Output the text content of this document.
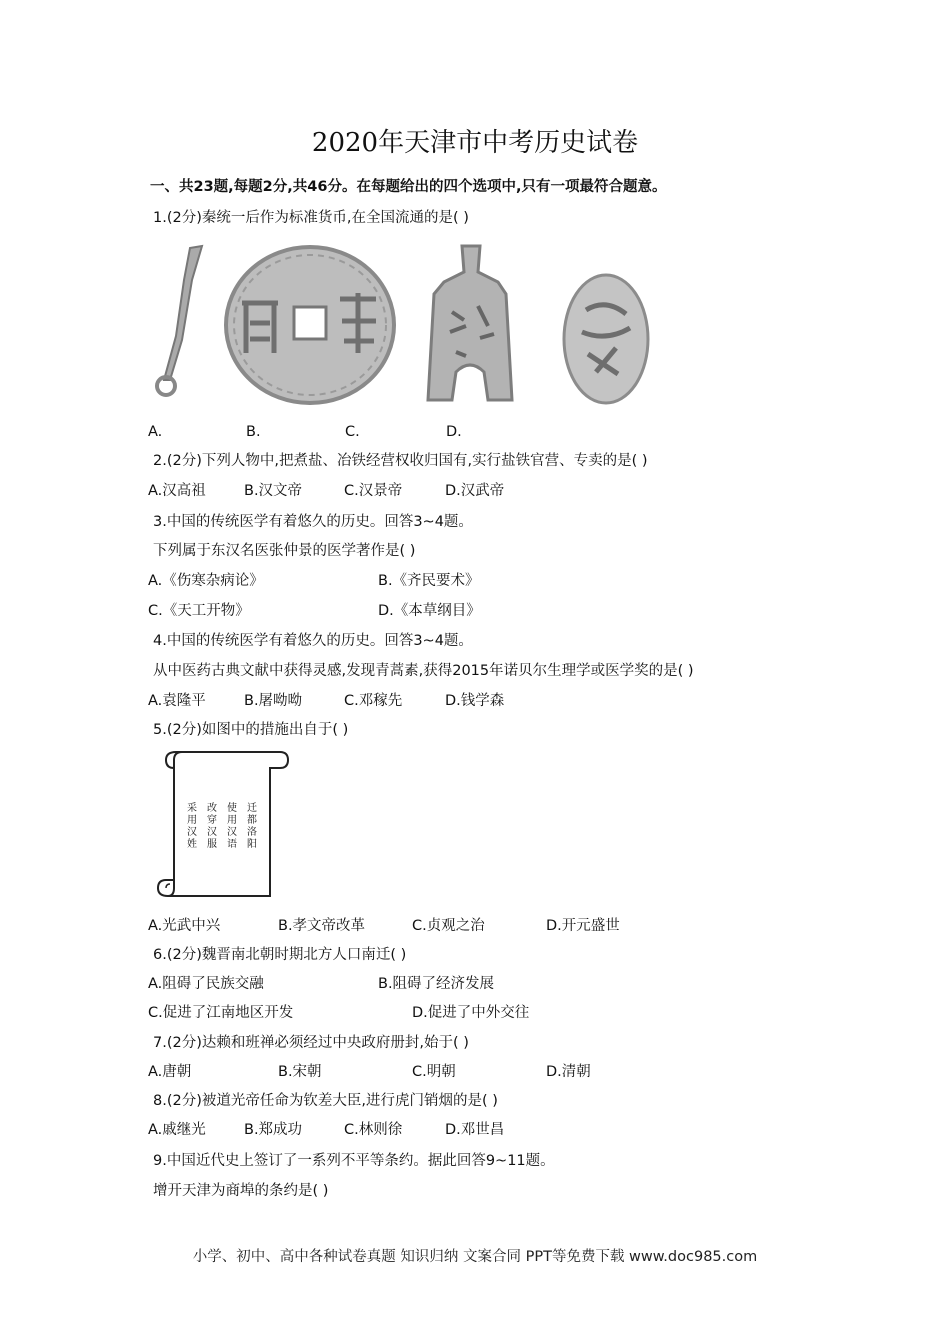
2020年天津市中考历史试卷
一、共23题,每题2分,共46分。在每题给出的四个选项中,只有一项最符合题意。
1.(2分)秦统一后作为标准货币,在全国流通的是( )
A.	B.	C.	D.
2.(2分)下列人物中,把煮盐、冶铁经营权收归国有,实行盐铁官营、专卖的是( )
A.汉高祖	B.汉文帝	C.汉景帝	D.汉武帝
3.中国的传统医学有着悠久的历史。回答3~4题。
下列属于东汉名医张仲景的医学著作是( )
A.《伤寒杂病论》	B.《齐民要术》
C.《天工开物》	D.《本草纲目》
4.中国的传统医学有着悠久的历史。回答3~4题。
从中医药古典文献中获得灵感,发现青蒿素,获得2015年诺贝尔生理学或医学奖的是( )
A.袁隆平	B.屠呦呦	C.邓稼先	D.钱学森
5.(2分)如图中的措施出自于( )
迁都洛阳
使用汉语
改穿汉服
采用汉姓
A.光武中兴	B.孝文帝改革	C.贞观之治	D.开元盛世
6.(2分)魏晋南北朝时期北方人口南迁( )
A.阻碍了民族交融	B.阻碍了经济发展
C.促进了江南地区开发	D.促进了中外交往
7.(2分)达赖和班禅必须经过中央政府册封,始于( )
A.唐朝	B.宋朝	C.明朝	D.清朝
8.(2分)被道光帝任命为钦差大臣,进行虎门销烟的是( )
A.戚继光	B.郑成功	C.林则徐	D.邓世昌
9.中国近代史上签订了一系列不平等条约。据此回答9~11题。
增开天津为商埠的条约是( )
小学、初中、高中各种试卷真题 知识归纳 文案合同 PPT等免费下载 www.doc985.com
